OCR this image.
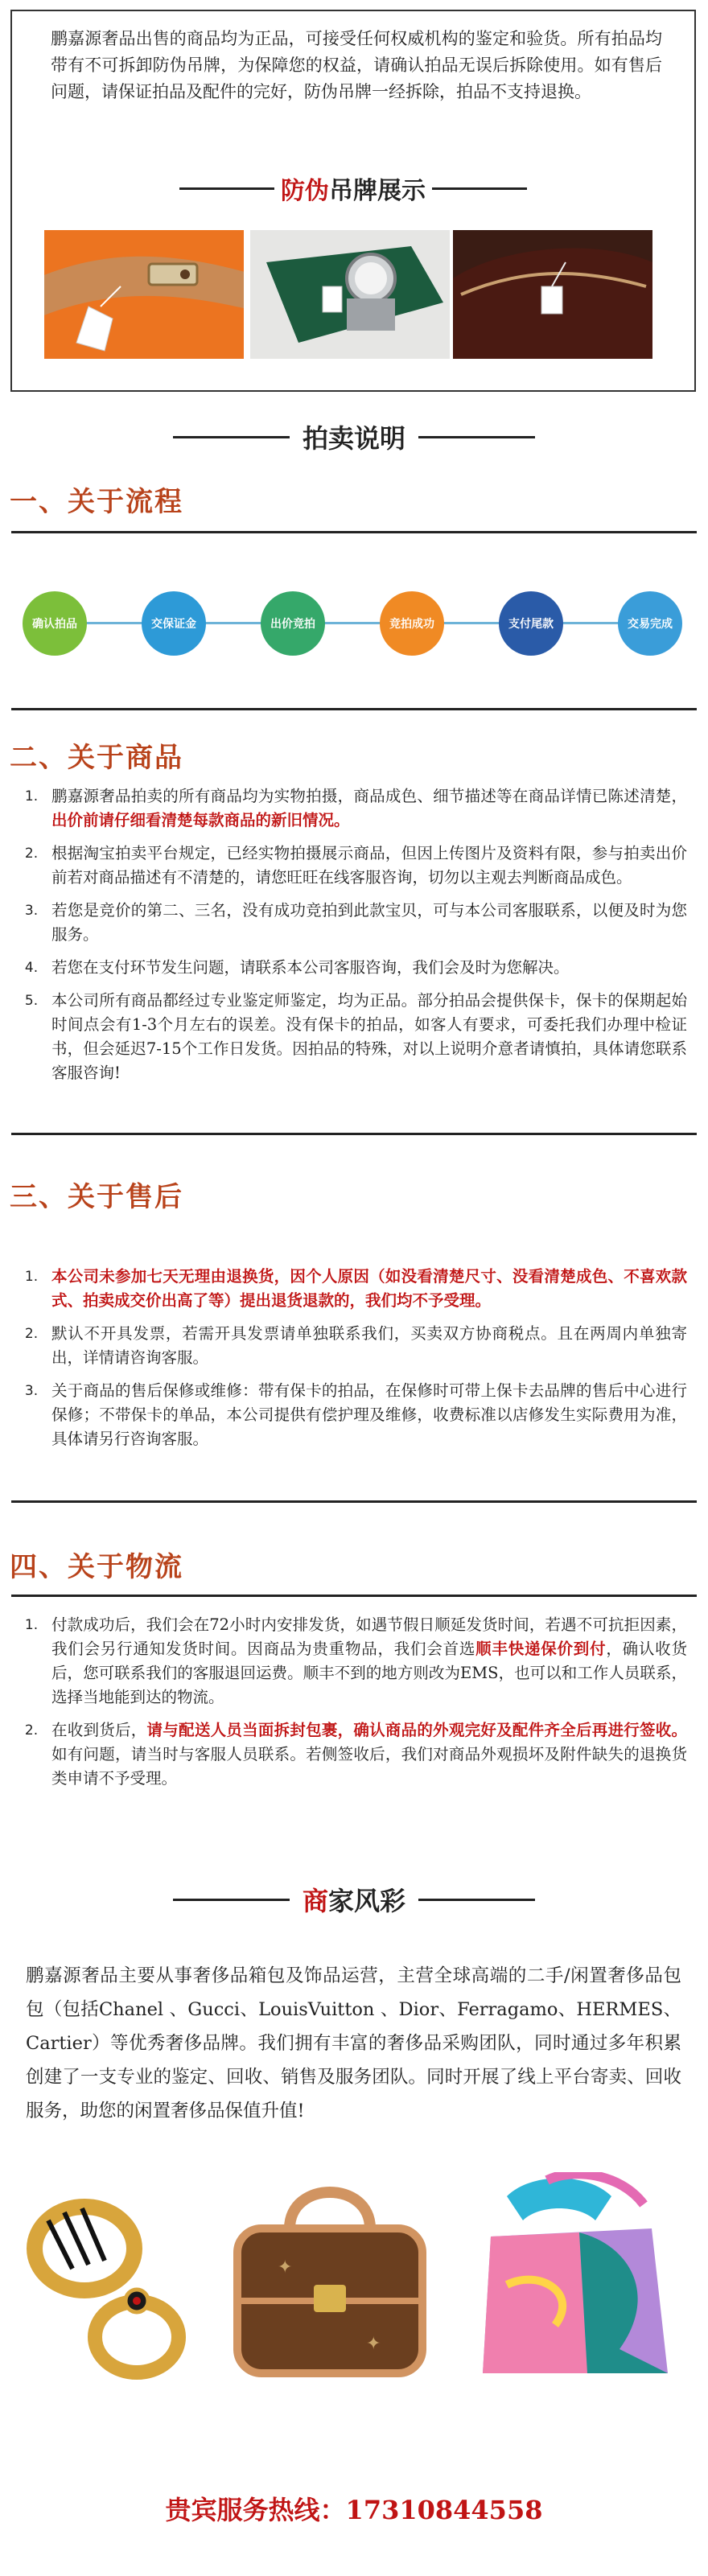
鹏嘉源奢品出售的商品均为正品，可接受任何权威机构的鉴定和验货。所有拍品均带有不可拆卸防伪吊牌，为保障您的权益，请确认拍品无误后拆除使用。如有售后问题，请保证拍品及配件的完好，防伪吊牌一经拆除，拍品不支持退换。
防伪吊牌展示
拍卖说明
一、关于流程
确认拍品	交保证金	出价竞拍	竞拍成功	支付尾款	交易完成
二、关于商品
1. 鹏嘉源奢品拍卖的所有商品均为实物拍摄，商品成色、细节描述等在商品详情已陈述清楚，出价前请仔细看清楚每款商品的新旧情况。
2. 根据淘宝拍卖平台规定，已经实物拍摄展示商品，但因上传图片及资料有限，参与拍卖出价前若对商品描述有不清楚的，请您旺旺在线客服咨询，切勿以主观去判断商品成色。
3. 若您是竞价的第二、三名，没有成功竞拍到此款宝贝，可与本公司客服联系，以便及时为您服务。
4. 若您在支付环节发生问题，请联系本公司客服咨询，我们会及时为您解决。
5. 本公司所有商品都经过专业鉴定师鉴定，均为正品。部分拍品会提供保卡，保卡的保期起始时间点会有1-3个月左右的误差。没有保卡的拍品，如客人有要求，可委托我们办理中检证书，但会延迟7-15个工作日发货。因拍品的特殊，对以上说明介意者请慎拍，具体请您联系客服咨询!
三、关于售后
1. 本公司未参加七天无理由退换货，因个人原因（如没看清楚尺寸、没看清楚成色、不喜欢款式、拍卖成交价出高了等）提出退货退款的，我们均不予受理。
2. 默认不开具发票，若需开具发票请单独联系我们，买卖双方协商税点。且在两周内单独寄出，详情请咨询客服。
3. 关于商品的售后保修或维修：带有保卡的拍品，在保修时可带上保卡去品牌的售后中心进行保修；不带保卡的单品，本公司提供有偿护理及维修，收费标准以店修发生实际费用为准，具体请另行咨询客服。
四、关于物流
1. 付款成功后，我们会在72小时内安排发货，如遇节假日顺延发货时间，若遇不可抗拒因素，我们会另行通知发货时间。因商品为贵重物品，我们会首选顺丰快递保价到付，确认收货后，您可联系我们的客服退回运费。顺丰不到的地方则改为EMS，也可以和工作人员联系，选择当地能到达的物流。
2. 在收到货后，请与配送人员当面拆封包裹，确认商品的外观完好及配件齐全后再进行签收。如有问题，请当时与客服人员联系。若侧签收后，我们对商品外观损坏及附件缺失的退换货类申请不予受理。
商家风彩
鹏嘉源奢品主要从事奢侈品箱包及饰品运营，主营全球高端的二手/闲置奢侈品包包（包括Chanel 、Gucci、LouisVuitton 、Dior、Ferragamo、HERMES、Cartier）等优秀奢侈品牌。我们拥有丰富的奢侈品采购团队，同时通过多年积累创建了一支专业的鉴定、回收、销售及服务团队。同时开展了线上平台寄卖、回收服务，助您的闲置奢侈品保值升值!
✦
✦
贵宾服务热线：17310844558
